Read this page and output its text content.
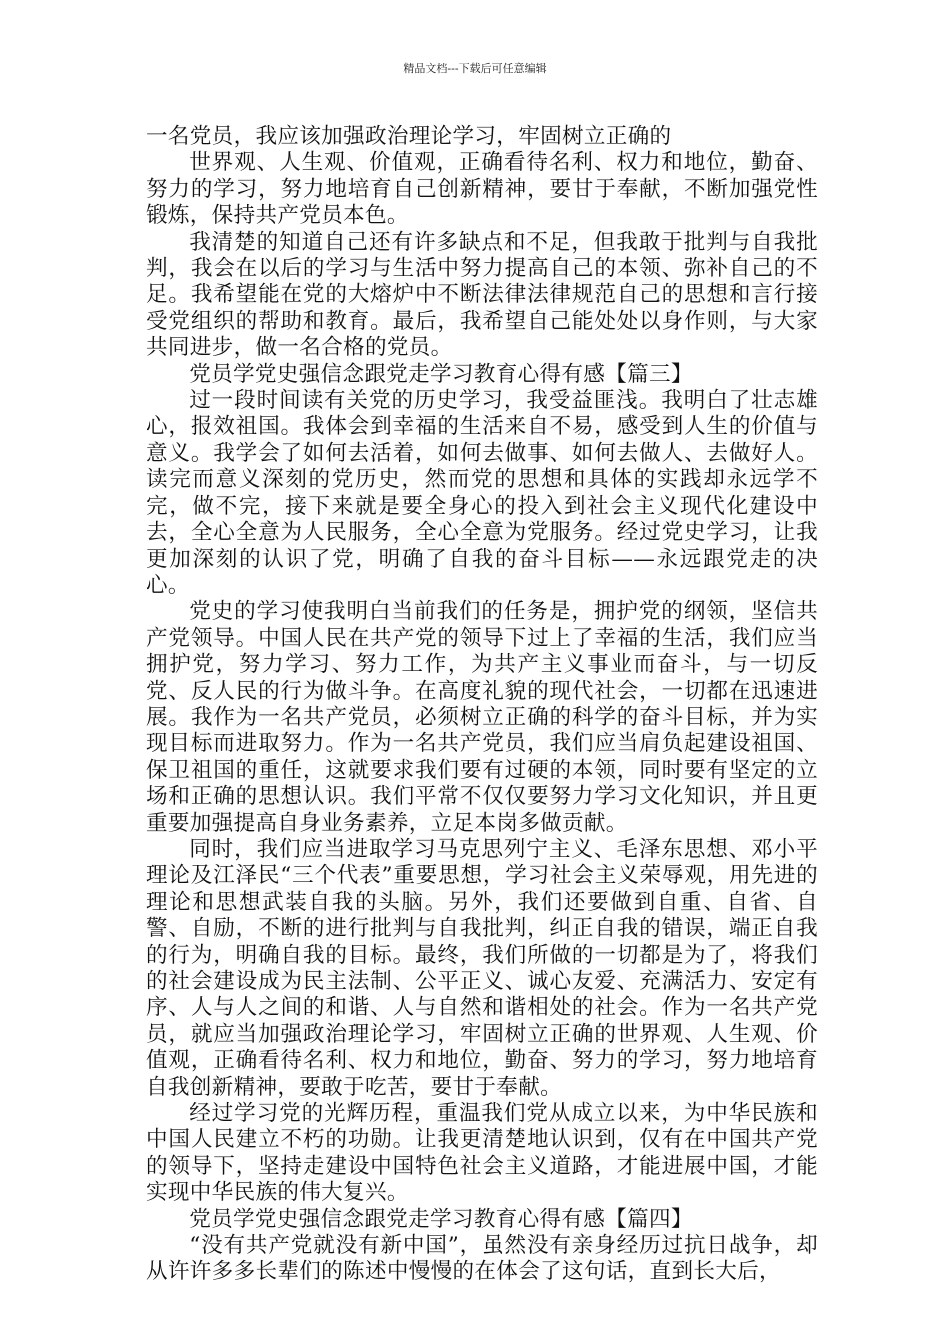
精品文档---下载后可任意编辑

一名党员，我应该加强政治理论学习，牢固树立正确的

世界观、人生观、价值观，正确看待名利、权力和地位，勤奋、努力的学习，努力地培育自己创新精神，要甘于奉献，不断加强党性锻炼，保持共产党员本色。

我清楚的知道自己还有许多缺点和不足，但我敢于批判与自我批判，我会在以后的学习与生活中努力提高自己的本领、弥补自己的不足。我希望能在党的大熔炉中不断法律法律规范自己的思想和言行接受党组织的帮助和教育。最后，我希望自己能处处以身作则，与大家共同进步，做一名合格的党员。

党员学党史强信念跟党走学习教育心得有感【篇三】

过一段时间读有关党的历史学习，我受益匪浅。我明白了壮志雄心，报效祖国。我体会到幸福的生活来自不易，感受到人生的价值与意义。我学会了如何去活着，如何去做事、如何去做人、去做好人。读完而意义深刻的党历史，然而党的思想和具体的实践却永远学不完，做不完，接下来就是要全身心的投入到社会主义现代化建设中去，全心全意为人民服务，全心全意为党服务。经过党史学习，让我更加深刻的认识了党，明确了自我的奋斗目标——永远跟党走的决心。

党史的学习使我明白当前我们的任务是，拥护党的纲领，坚信共产党领导。中国人民在共产党的领导下过上了幸福的生活，我们应当拥护党，努力学习、努力工作，为共产主义事业而奋斗，与一切反党、反人民的行为做斗争。在高度礼貌的现代社会，一切都在迅速进展。我作为一名共产党员，必须树立正确的科学的奋斗目标，并为实现目标而进取努力。作为一名共产党员，我们应当肩负起建设祖国、保卫祖国的重任，这就要求我们要有过硬的本领，同时要有坚定的立场和正确的思想认识。我们平常不仅仅要努力学习文化知识，并且更重要加强提高自身业务素养，立足本岗多做贡献。

同时，我们应当进取学习马克思列宁主义、毛泽东思想、邓小平理论及江泽民“三个代表”重要思想，学习社会主义荣辱观，用先进的理论和思想武装自我的头脑。另外，我们还要做到自重、自省、自警、自励，不断的进行批判与自我批判，纠正自我的错误，端正自我的行为，明确自我的目标。最终，我们所做的一切都是为了，将我们的社会建设成为民主法制、公平正义、诚心友爱、充满活力、安定有序、人与人之间的和谐、人与自然和谐相处的社会。作为一名共产党员，就应当加强政治理论学习，牢固树立正确的世界观、人生观、价值观，正确看待名利、权力和地位，勤奋、努力的学习，努力地培育自我创新精神，要敢于吃苦，要甘于奉献。

经过学习党的光辉历程，重温我们党从成立以来，为中华民族和中国人民建立不朽的功勋。让我更清楚地认识到，仅有在中国共产党的领导下，坚持走建设中国特色社会主义道路，才能进展中国，才能实现中华民族的伟大复兴。

党员学党史强信念跟党走学习教育心得有感【篇四】

“没有共产党就没有新中国”，虽然没有亲身经历过抗日战争，却从许许多多长辈们的陈述中慢慢的在体会了这句话，直到长大后，
